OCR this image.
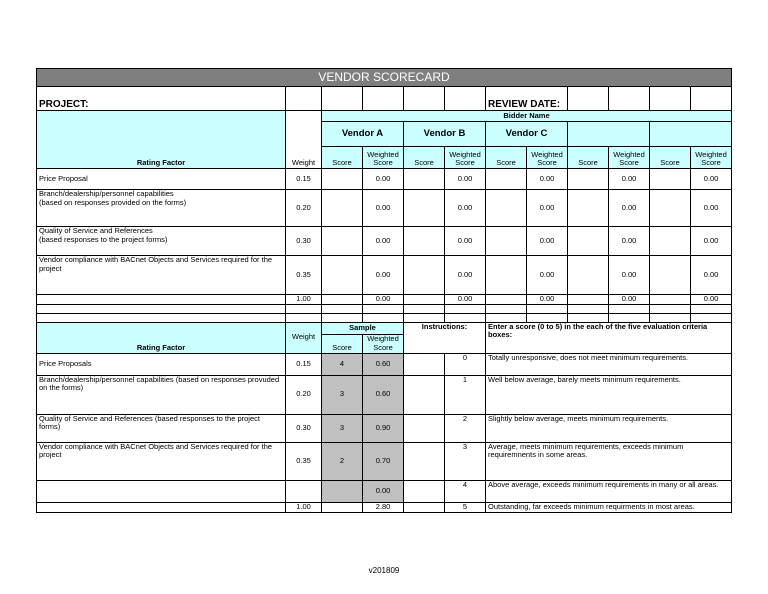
VENDOR SCORECARD											
PROJECT:						REVIEW DATE:					
Rating Factor	Weight	Bidder Name									
		Vendor A		Vendor B		Vendor C					
		Score	Weighted Score	Score	Weighted Score	Score	Weighted Score	Score	Weighted Score	Score	Weighted Score
Price Proposal	0.15		0.00		0.00		0.00		0.00		0.00
Branch/dealership/personnel capabilities
(based on responses provided on the forms)	0.20		0.00		0.00		0.00		0.00		0.00
Quality of Service and References
(based responses to the project forms)	0.30		0.00		0.00		0.00		0.00		0.00
Vendor compliance with BACnet Objects and Services required for the project	0.35		0.00		0.00		0.00		0.00		0.00
	1.00		0.00		0.00		0.00		0.00		0.00

Rating Factor	Weight	Sample		Instructions:		Enter a score (0 to 5) in the each of the five evaluation criteria boxes:					
		Score	Weighted Score								
Price Proposals	0.15	4	0.60		0	Totally unresponsive, does not meet minimum requirements.					
Branch/dealership/personnel capabilities (based on responses provuded on the forms)	0.20	3	0.60		1	Well below average, barely meets minimum requirements.					
Quality of Service and References (based responses to the project forms)	0.30	3	0.90		2	Slightly below average, meets minimum requirements.					
Vendor compliance with BACnet Objects and Services required for the project	0.35	2	0.70		3	Average, meets minimum requirements, exceeds minimum requiremnents in some areas.					
			0.00		4	Above average, exceeds minimum requirements in many or all areas.					
	1.00		2.80		5	Outstanding, far exceeds minimum requirments in most areas.					
v201809
